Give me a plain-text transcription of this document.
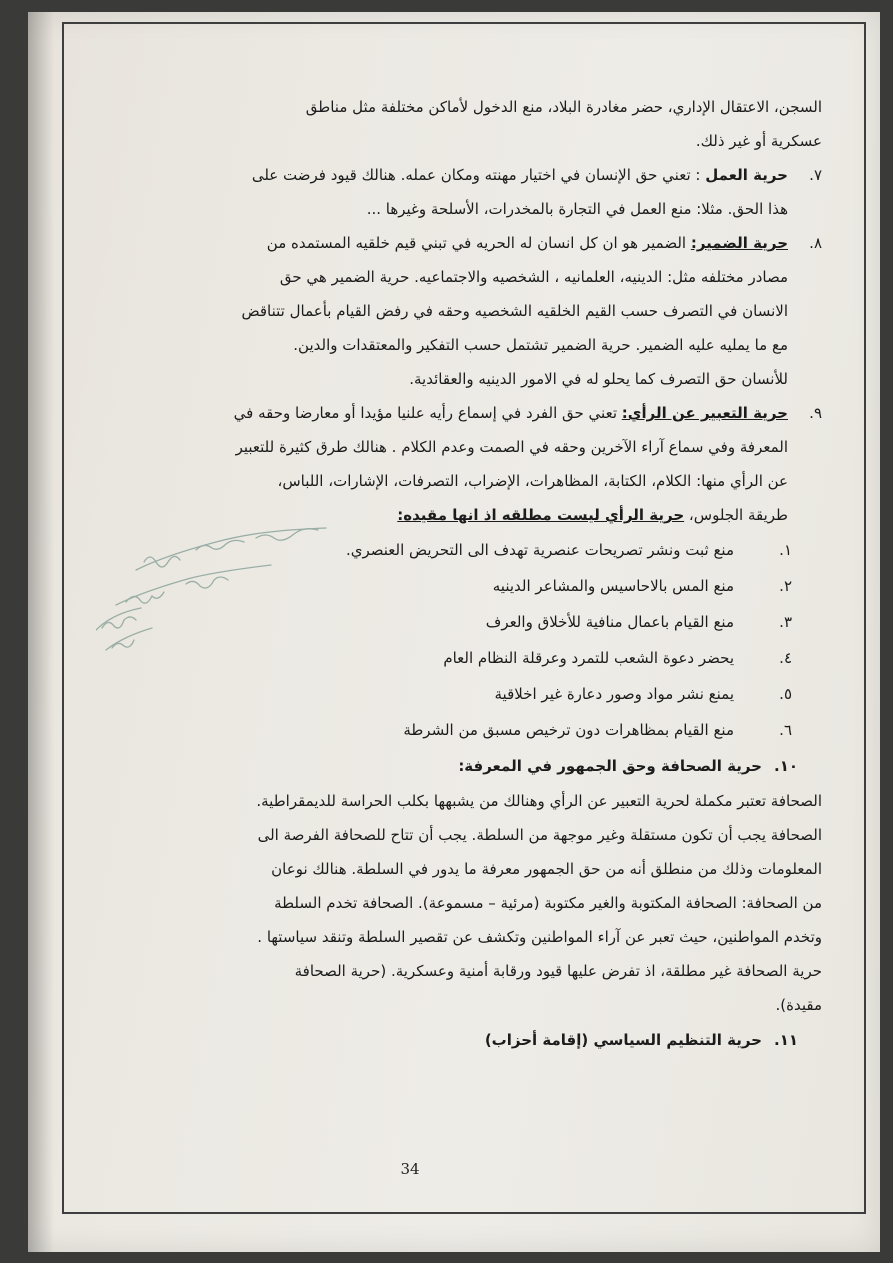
السجن، الاعتقال الإداري، حضر مغادرة البلاد، منع الدخول لأماكن مختلفة مثل مناطق
عسكرية أو غير ذلك.
٧.
حرية العمل : تعني حق الإنسان في اختيار مهنته ومكان عمله. هنالك قيود فرضت على
هذا الحق. مثلا: منع العمل في التجارة بالمخدرات، الأسلحة وغيرها ...
٨.
حرية الضمير: الضمير هو ان كل انسان له الحريه في تبني قيم خلقيه المستمده من
مصادر مختلفه مثل: الدينيه، العلمانيه ، الشخصيه والاجتماعيه. حرية الضمير هي حق
الانسان في التصرف حسب القيم الخلقيه الشخصيه وحقه في رفض القيام بأعمال تتناقض
مع ما يمليه عليه الضمير. حرية الضمير تشتمل حسب التفكير والمعتقدات والدين.
للأنسان حق التصرف كما يحلو له في الامور الدينيه والعقائدية.
٩.
حرية التعبير عن الرأي: تعني حق الفرد في إسماع رأيه علنيا مؤيدا أو معارضا وحقه في
المعرفة وفي سماع آراء الآخرين وحقه في الصمت وعدم الكلام . هنالك طرق كثيرة للتعبير
عن الرأي منها: الكلام، الكتابة، المظاهرات، الإضراب، التصرفات، الإشارات، اللباس،
طريقة الجلوس، حرية الرأي ليست مطلقه اذ انها مقيده:
١.
منع ثبت ونشر تصريحات عنصرية تهدف الى التحريض العنصري.
٢.
منع المس بالاحاسيس والمشاعر الدينيه
٣.
منع القيام باعمال منافية للأخلاق والعرف
٤.
يحضر دعوة الشعب للتمرد وعرقلة النظام العام
٥.
يمنع نشر مواد وصور دعارة غير اخلاقية
٦.
منع القيام بمظاهرات دون ترخيص مسبق من الشرطة
١٠.
حرية الصحافة وحق الجمهور في المعرفة:
الصحافة تعتبر مكملة لحرية التعبير عن الرأي وهنالك من يشبهها بكلب الحراسة للديمقراطية.
الصحافة يجب أن تكون مستقلة وغير موجهة من السلطة. يجب أن تتاح للصحافة الفرصة الى
المعلومات وذلك من منطلق أنه من حق الجمهور معرفة ما يدور في السلطة. هنالك نوعان
من الصحافة: الصحافة المكتوبة والغير مكتوبة (مرئية – مسموعة). الصحافة تخدم السلطة
وتخدم المواطنين، حيث تعبر عن آراء المواطنين وتكشف عن تقصير السلطة وتنقد سياستها .
حرية الصحافة غير مطلقة، اذ تفرض عليها قيود ورقابة أمنية وعسكرية. (حرية الصحافة
مقيدة).
١١.
حرية التنظيم السياسي (إقامة أحزاب)
34
